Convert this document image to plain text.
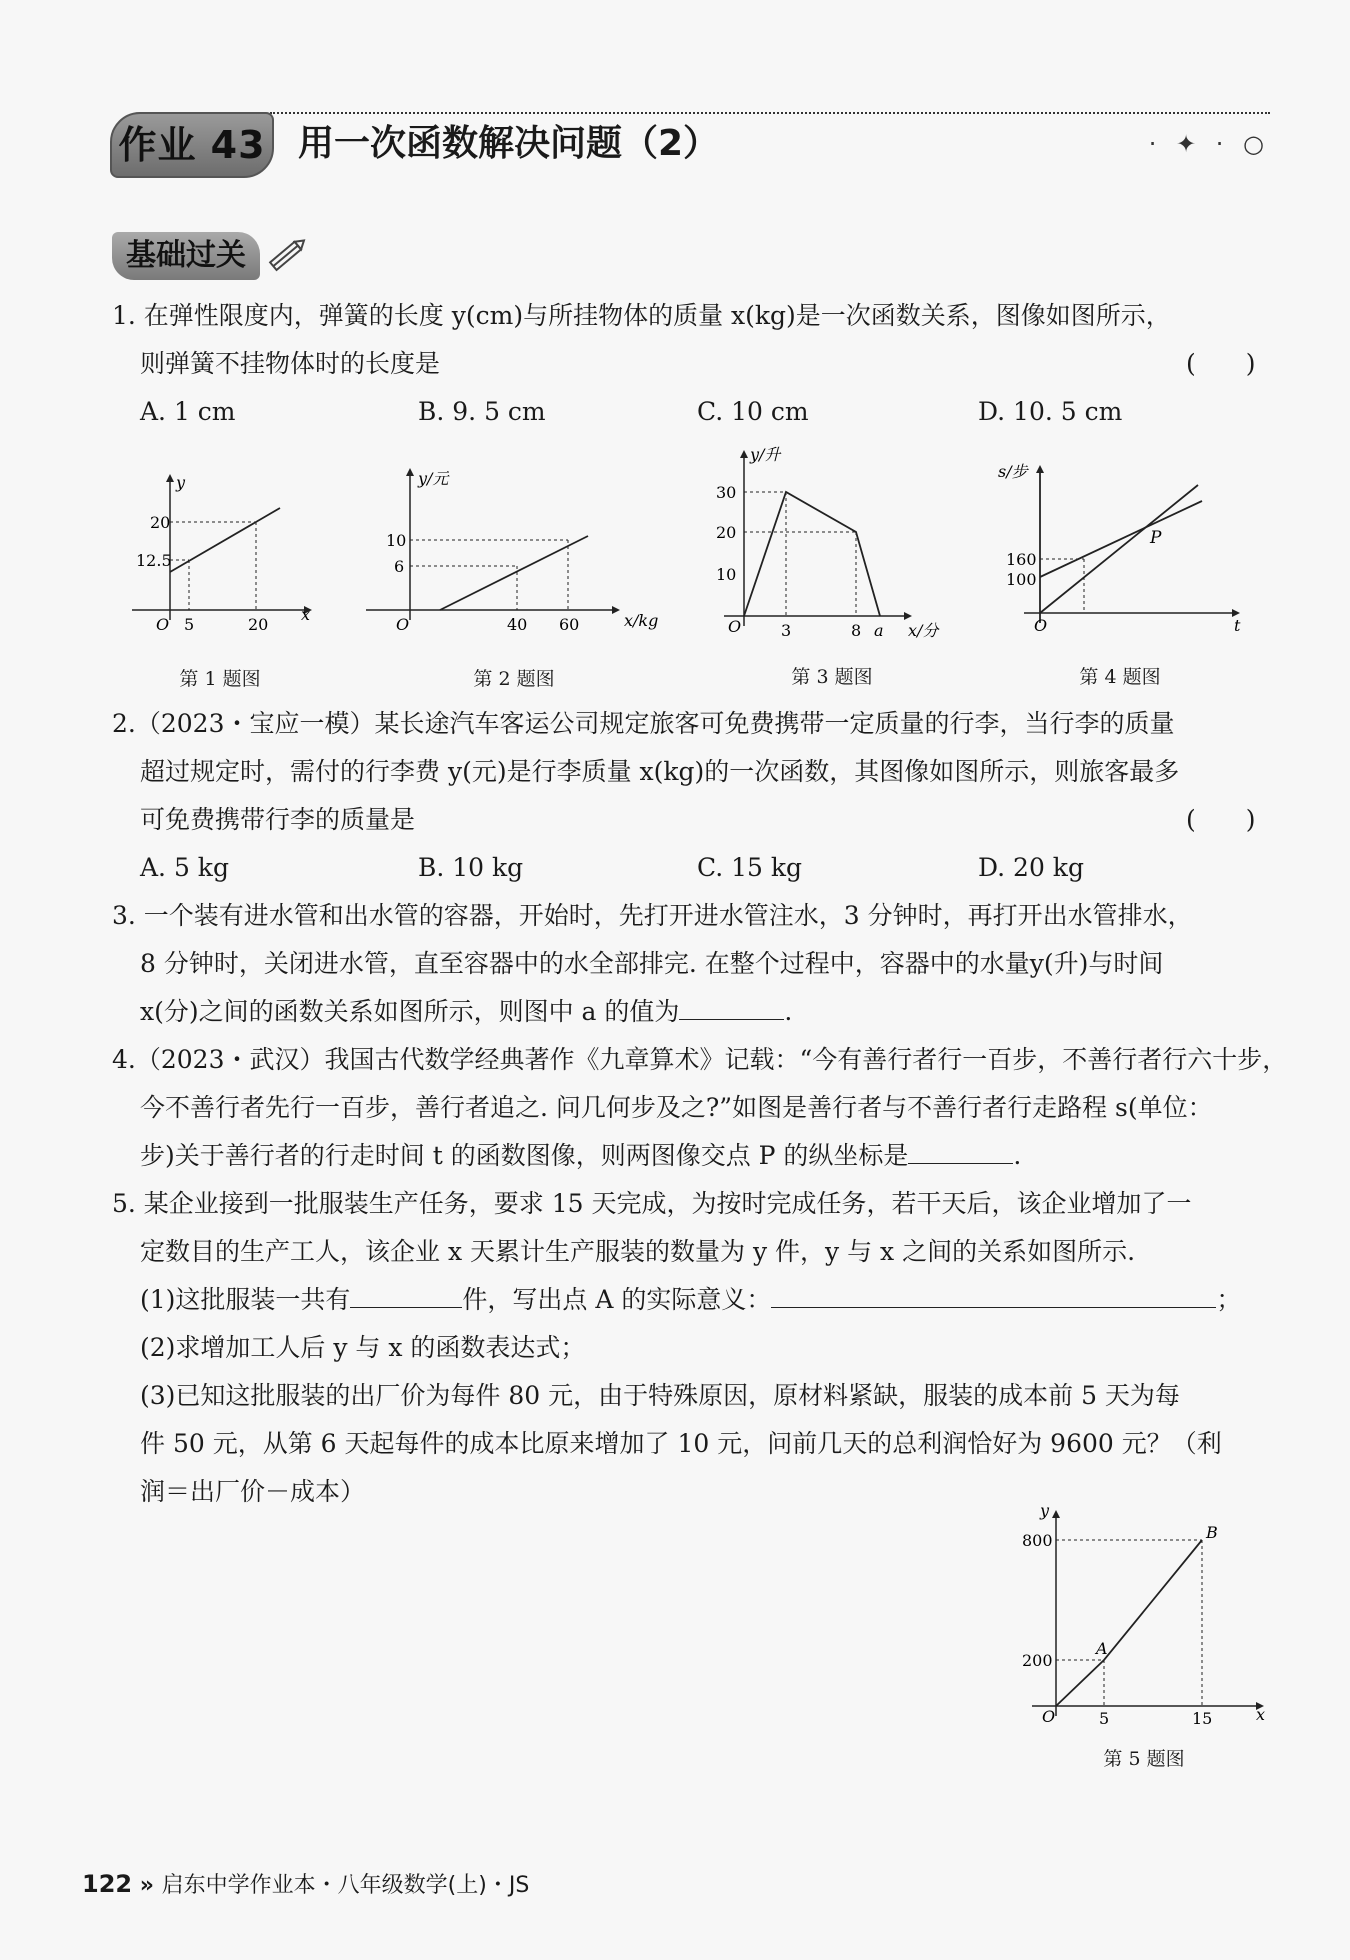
作业 43 用一次函数解决问题（2）	· ✦ · ○
基础过关
1. 在弹性限度内，弹簧的长度 y(cm)与所挂物体的质量 x(kg)是一次函数关系，图像如图所示，
则弹簧不挂物体时的长度是	(　　)
A. 1 cm	B. 9. 5 cm	C. 10 cm	D. 10. 5 cm
y
x
O
20
12.5
5	20
第 1 题图
y/元
x/kg
O
10
6
40 60
第 2 题图
y/升
x/分
O
30
20
10
3	8 a
第 3 题图
s/步
t
O
160
100
P
第 4 题图
2.（2023・宝应一模）某长途汽车客运公司规定旅客可免费携带一定质量的行李，当行李的质量
超过规定时，需付的行李费 y(元)是行李质量 x(kg)的一次函数，其图像如图所示，则旅客最多
可免费携带行李的质量是	(　　)
A. 5 kg	B. 10 kg	C. 15 kg	D. 20 kg
3. 一个装有进水管和出水管的容器，开始时，先打开进水管注水，3 分钟时，再打开出水管排水，
8 分钟时，关闭进水管，直至容器中的水全部排完. 在整个过程中，容器中的水量y(升)与时间
x(分)之间的函数关系如图所示，则图中 a 的值为	.
4.（2023・武汉）我国古代数学经典著作《九章算术》记载：“今有善行者行一百步，不善行者行六十步，
今不善行者先行一百步，善行者追之. 问几何步及之?”如图是善行者与不善行者行走路程 s(单位：
步)关于善行者的行走时间 t 的函数图像，则两图像交点 P 的纵坐标是	.
5. 某企业接到一批服装生产任务，要求 15 天完成，为按时完成任务，若干天后，该企业增加了一
定数目的生产工人，该企业 x 天累计生产服装的数量为 y 件，y 与 x 之间的关系如图所示.
(1)这批服装一共有	件，写出点 A 的实际意义：	；
(2)求增加工人后 y 与 x 的函数表达式；
(3)已知这批服装的出厂价为每件 80 元，由于特殊原因，原材料紧缺，服装的成本前 5 天为每
件 50 元，从第 6 天起每件的成本比原来增加了 10 元，问前几天的总利润恰好为 9600 元？（利
润＝出厂价－成本）
y
x
O
800
200
5	15
A
B
第 5 题图
122 » 启东中学作业本・八年级数学(上)・JS
